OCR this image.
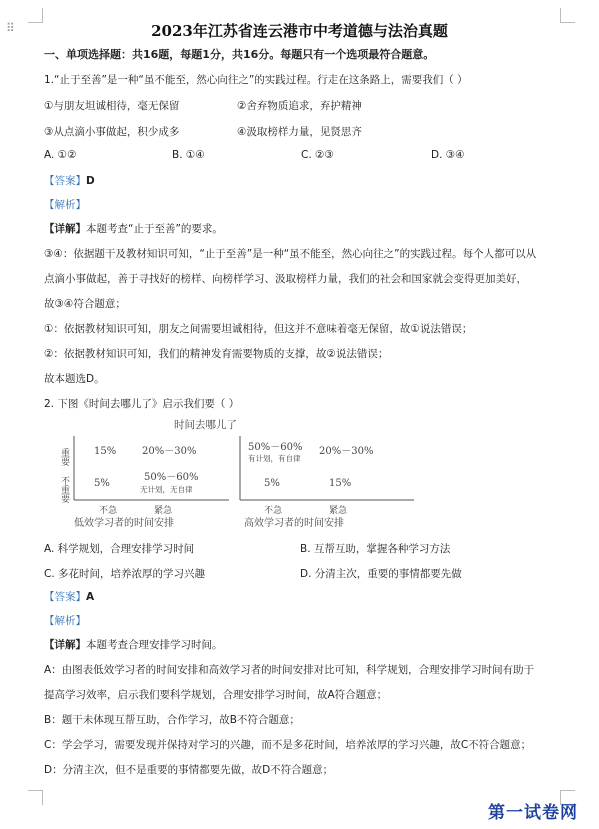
⠿	2023年江苏省连云港市中考道德与法治真题
一、单项选择题：共16题，每题1分，共16分。每题只有一个选项最符合题意。
1.“止于至善”是一种“虽不能至，然心向往之”的实践过程。行走在这条路上，需要我们（ ）
①与朋友坦诚相待，毫无保留	②舍弃物质追求，弃护精神
③从点滴小事做起，积少成多	④汲取榜样力量，见贤思齐
A. ①②	B. ①④	C. ②③	D. ③④
【答案】D
【解析】
【详解】本题考查“止于至善”的要求。
③④：依据题干及教材知识可知，“止于至善”是一种“虽不能至，然心向往之”的实践过程。每个人都可以从
点滴小事做起，善于寻找好的榜样、向榜样学习、汲取榜样力量，我们的社会和国家就会变得更加美好，
故③④符合题意；
①：依据教材知识可知，朋友之间需要坦诚相待，但这并不意味着毫无保留，故①说法错误；
②：依据教材知识可知，我们的精神发育需要物质的支撑，故②说法错误；
故本题选D。
2. 下图《时间去哪儿了》启示我们要（ ）
时间去哪儿了
重要
不重要
15%	20%－30%
5%
50%－60%
无计划，无自律
不急	紧急
低效学习者的时间安排
50%－60%
有计划，有自律
20%－30%
5%	15%
不急	紧急
高效学习者的时间安排
A. 科学规划，合理安排学习时间	B. 互帮互助，掌握各种学习方法
C. 多花时间，培养浓厚的学习兴趣	D. 分清主次，重要的事情都要先做
【答案】A
【解析】
【详解】本题考查合理安排学习时间。
A：由图表低效学习者的时间安排和高效学习者的时间安排对比可知，科学规划，合理安排学习时间有助于
提高学习效率，启示我们要科学规划，合理安排学习时间，故A符合题意；
B：题干未体现互帮互助，合作学习，故B不符合题意；
C：学会学习，需要发现并保持对学习的兴趣，而不是多花时间，培养浓厚的学习兴趣，故C不符合题意；
D：分清主次，但不是重要的事情都要先做，故D不符合题意；
第一试卷网
